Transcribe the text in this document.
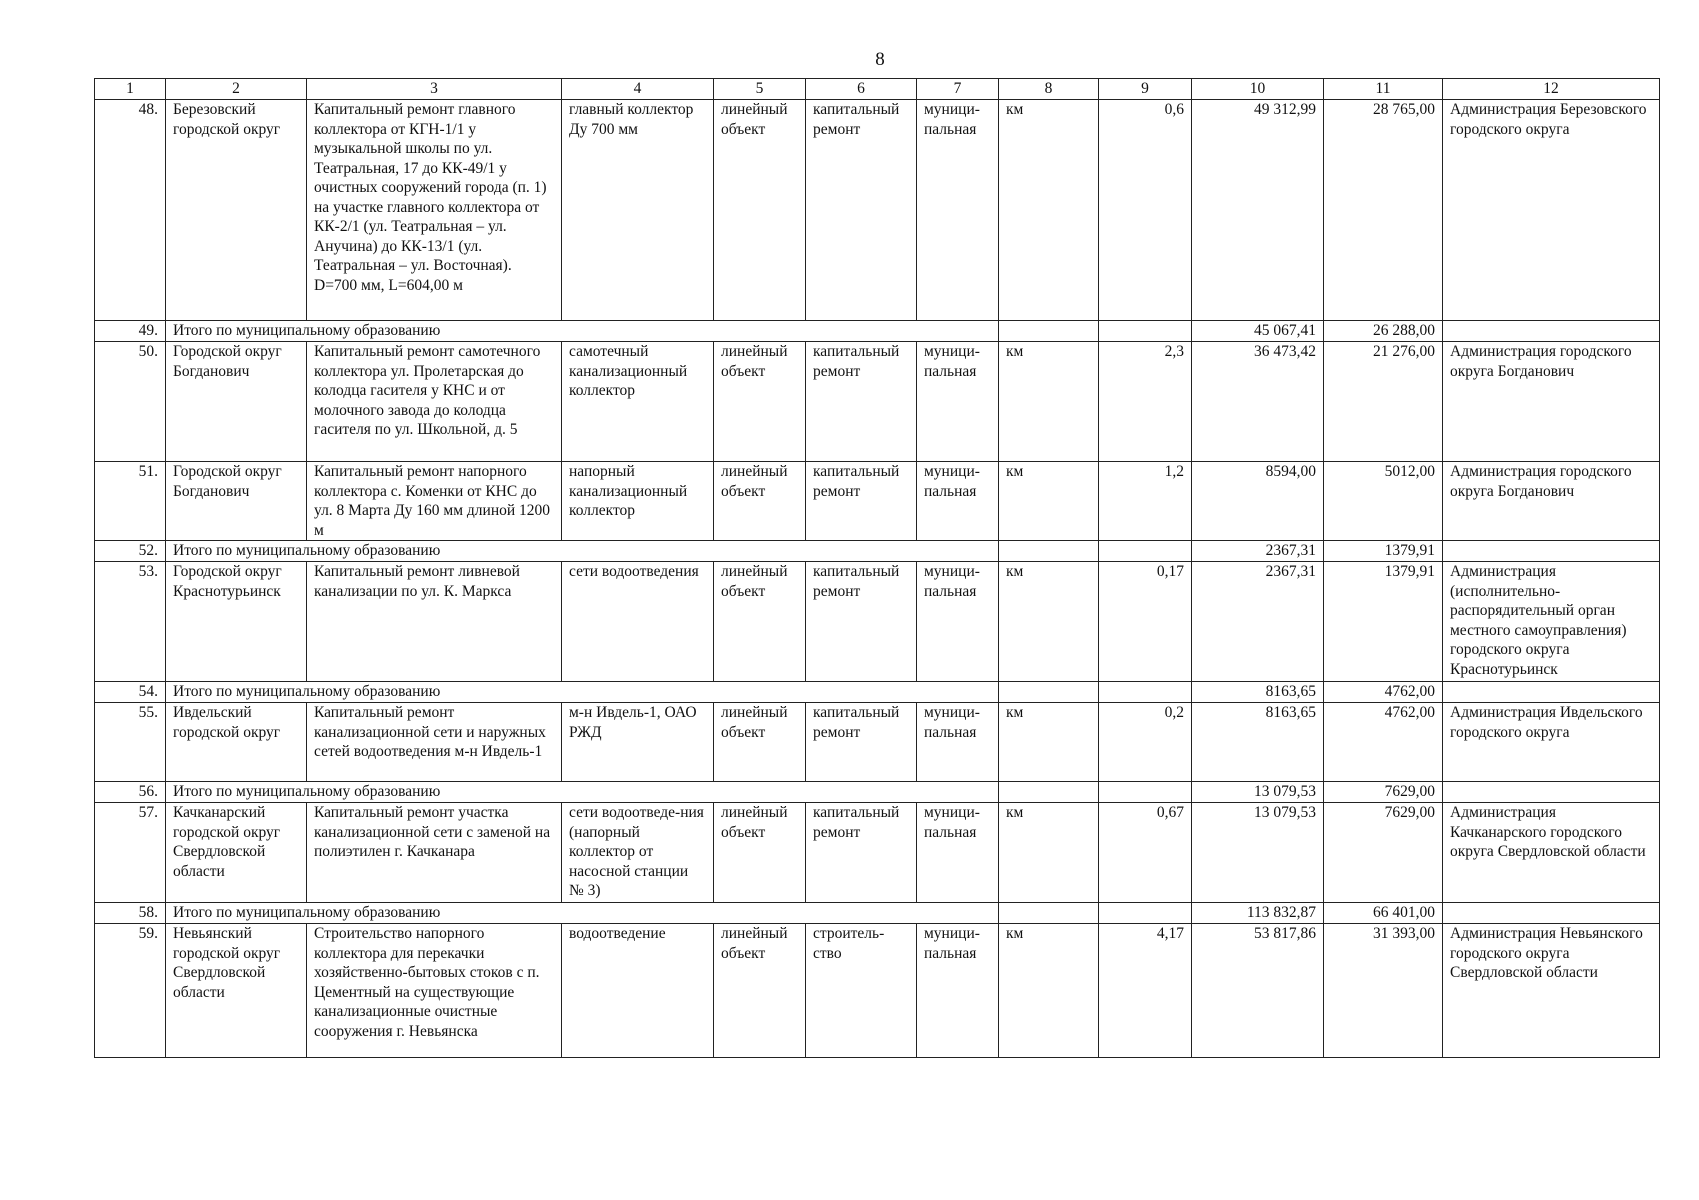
8
1	2	3	4	5	6	7	8	9	10	11	12
48.	Березовский городской округ	Капитальный ремонт главного коллектора от КГН-1/1 у музыкальной школы по ул. Театральная, 17 до КК-49/1 у очистных сооружений города (п. 1) на участке главного коллектора от КК-2/1 (ул. Театральная – ул. Анучина) до КК-13/1 (ул. Театральная – ул. Восточная). D=700 мм, L=604,00 м	главный коллектор Ду 700 мм	линейный объект	капитальный ремонт	муници-пальная	км	0,6	49 312,99	28 765,00	Администрация Березовского городского округа
49.	Итого по муниципальному образованию								45 067,41	26 288,00	
50.	Городской округ Богданович	Капитальный ремонт самотечного коллектора ул. Пролетарская до колодца гасителя у КНС и от молочного завода до колодца гасителя по ул. Школьной, д. 5	самотечный канализационный коллектор	линейный объект	капитальный ремонт	муници-пальная	км	2,3	36 473,42	21 276,00	Администрация городского округа Богданович
51.	Городской округ Богданович	Капитальный ремонт напорного коллектора с. Коменки от КНС до ул. 8 Марта Ду 160 мм длиной 1200 м	напорный канализационный коллектор	линейный объект	капитальный ремонт	муници-пальная	км	1,2	8594,00	5012,00	Администрация городского округа Богданович
52.	Итого по муниципальному образованию								2367,31	1379,91	
53.	Городской округ Краснотурьинск	Капитальный ремонт ливневой канализации по ул. К. Маркса	сети водоотведения	линейный объект	капитальный ремонт	муници-пальная	км	0,17	2367,31	1379,91	Администрация (исполнительно-распорядительный орган местного самоуправления) городского округа Краснотурьинск
54.	Итого по муниципальному образованию								8163,65	4762,00	
55.	Ивдельский городской округ	Капитальный ремонт канализационной сети и наружных сетей водоотведения м-н Ивдель-1	м-н Ивдель-1, ОАО РЖД	линейный объект	капитальный ремонт	муници-пальная	км	0,2	8163,65	4762,00	Администрация Ивдельского городского округа
56.	Итого по муниципальному образованию								13 079,53	7629,00	
57.	Качканарский городской округ Свердловской области	Капитальный ремонт участка канализационной сети с заменой на полиэтилен г. Качканара	сети водоотведе-ния (напорный коллектор от насосной станции № 3)	линейный объект	капитальный ремонт	муници-пальная	км	0,67	13 079,53	7629,00	Администрация Качканарского городского округа Свердловской области
58.	Итого по муниципальному образованию								113 832,87	66 401,00	
59.	Невьянский городской округ Свердловской области	Строительство напорного коллектора для перекачки хозяйственно-бытовых стоков с п. Цементный на существующие канализационные очистные сооружения г. Невьянска	водоотведение	линейный объект	строитель-ство	муници-пальная	км	4,17	53 817,86	31 393,00	Администрация Невьянского городского округа Свердловской области
